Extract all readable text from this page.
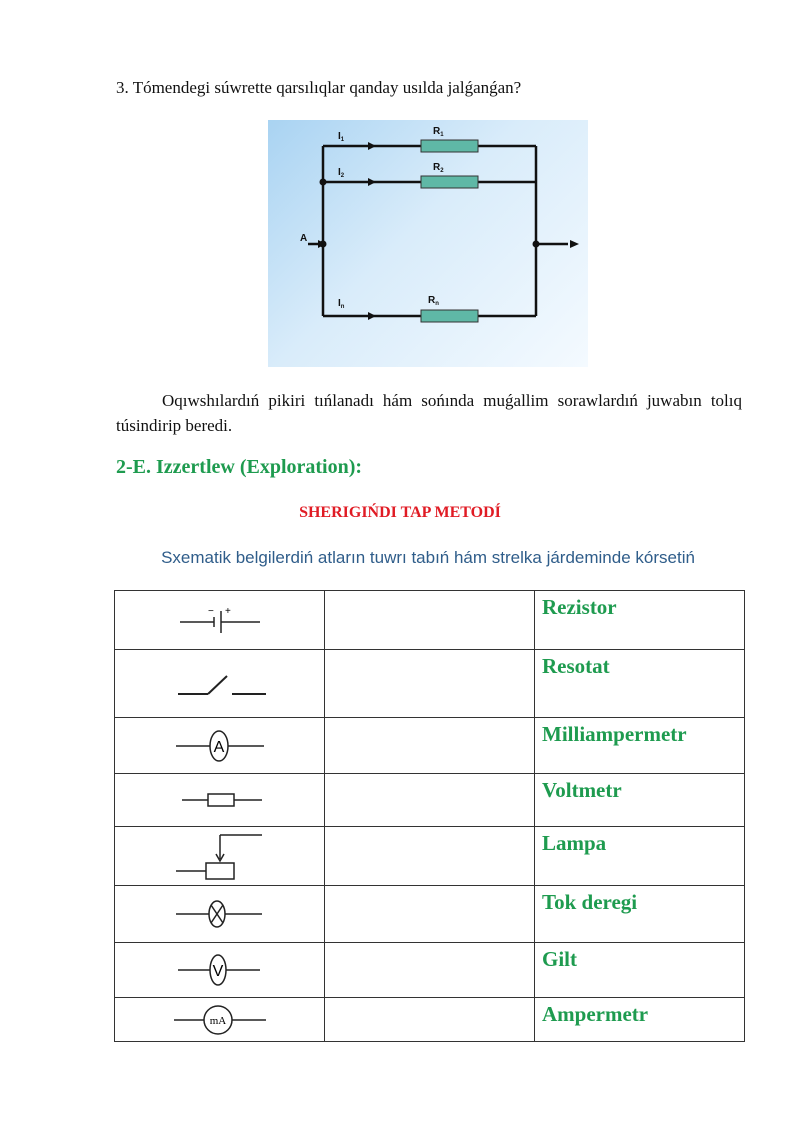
3. Tómendegi súwrette qarsılıqlar qanday usılda jalǵanǵan?
$I_1$
$I_2$
$I_n$
$R_1$
$R_2$
$R_n$
A
Oqıwshılardıń pikiri tıńlanadı hám sońında muǵallim sorawlardıń juwabın tolıq túsindirip beredi.
2-E. Izzertlew (Exploration):
SHERIGIŃDI TAP METODÍ
Sxematik belgilerdiń atların tuwrı tabıń hám strelka járdeminde kórsetiń
− +		Rezistor

Resotat

A		Milliampermetr

Voltmetr

Lampa

Tok deregi

V		Gilt

mA		Ampermetr
